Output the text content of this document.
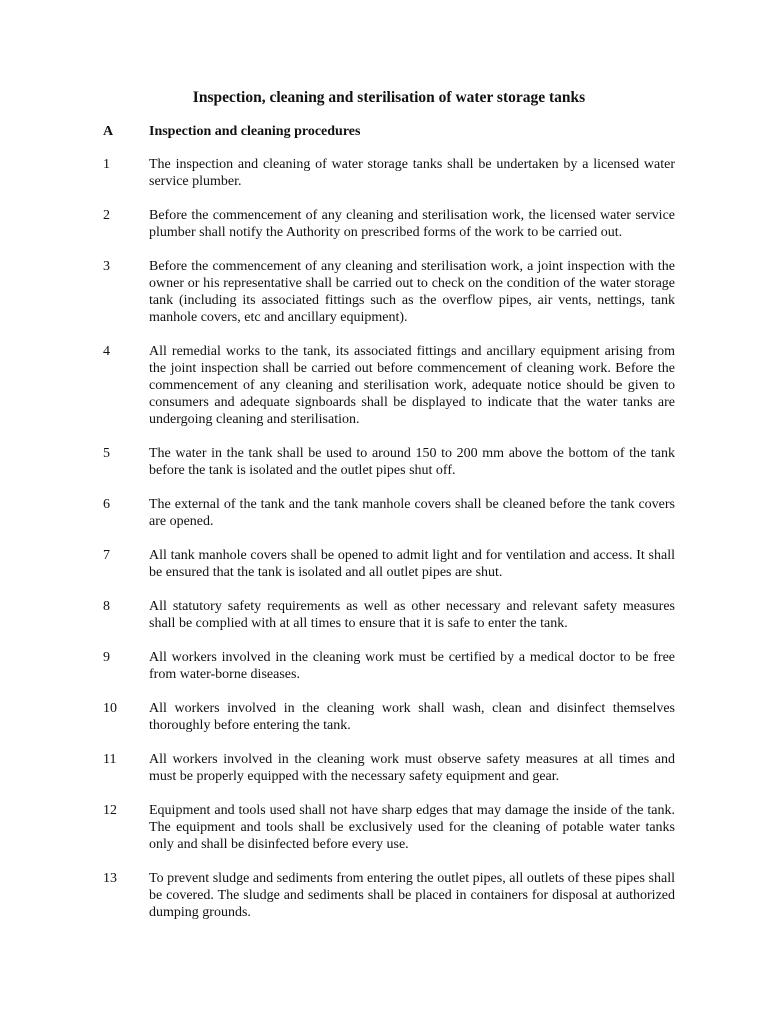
Inspection, cleaning and sterilisation of water storage tanks
A	Inspection and cleaning procedures
1	The inspection and cleaning of water storage tanks shall be undertaken by a licensed water service plumber.
2	Before the commencement of any cleaning and sterilisation work, the licensed water service plumber shall notify the Authority on prescribed forms of the work to be carried out.
3	Before the commencement of any cleaning and sterilisation work, a joint inspection with the owner or his representative shall be carried out to check on the condition of the water storage tank (including its associated fittings such as the overflow pipes, air vents, nettings, tank manhole covers, etc and ancillary equipment).
4	All remedial works to the tank, its associated fittings and ancillary equipment arising from the joint inspection shall be carried out before commencement of cleaning work. Before the commencement of any cleaning and sterilisation work, adequate notice should be given to consumers and adequate signboards shall be displayed to indicate that the water tanks are undergoing cleaning and sterilisation.
5	The water in the tank shall be used to around 150 to 200 mm above the bottom of the tank before the tank is isolated and the outlet pipes shut off.
6	The external of the tank and the tank manhole covers shall be cleaned before the tank covers are opened.
7	All tank manhole covers shall be opened to admit light and for ventilation and access. It shall be ensured that the tank is isolated and all outlet pipes are shut.
8	All statutory safety requirements as well as other necessary and relevant safety measures shall be complied with at all times to ensure that it is safe to enter the tank.
9	All workers involved in the cleaning work must be certified by a medical doctor to be free from water-borne diseases.
10	All workers involved in the cleaning work shall wash, clean and disinfect themselves thoroughly before entering the tank.
11	All workers involved in the cleaning work must observe safety measures at all times and must be properly equipped with the necessary safety equipment and gear.
12	Equipment and tools used shall not have sharp edges that may damage the inside of the tank. The equipment and tools shall be exclusively used for the cleaning of potable water tanks only and shall be disinfected before every use.
13	To prevent sludge and sediments from entering the outlet pipes, all outlets of these pipes shall be covered. The sludge and sediments shall be placed in containers for disposal at authorized dumping grounds.
